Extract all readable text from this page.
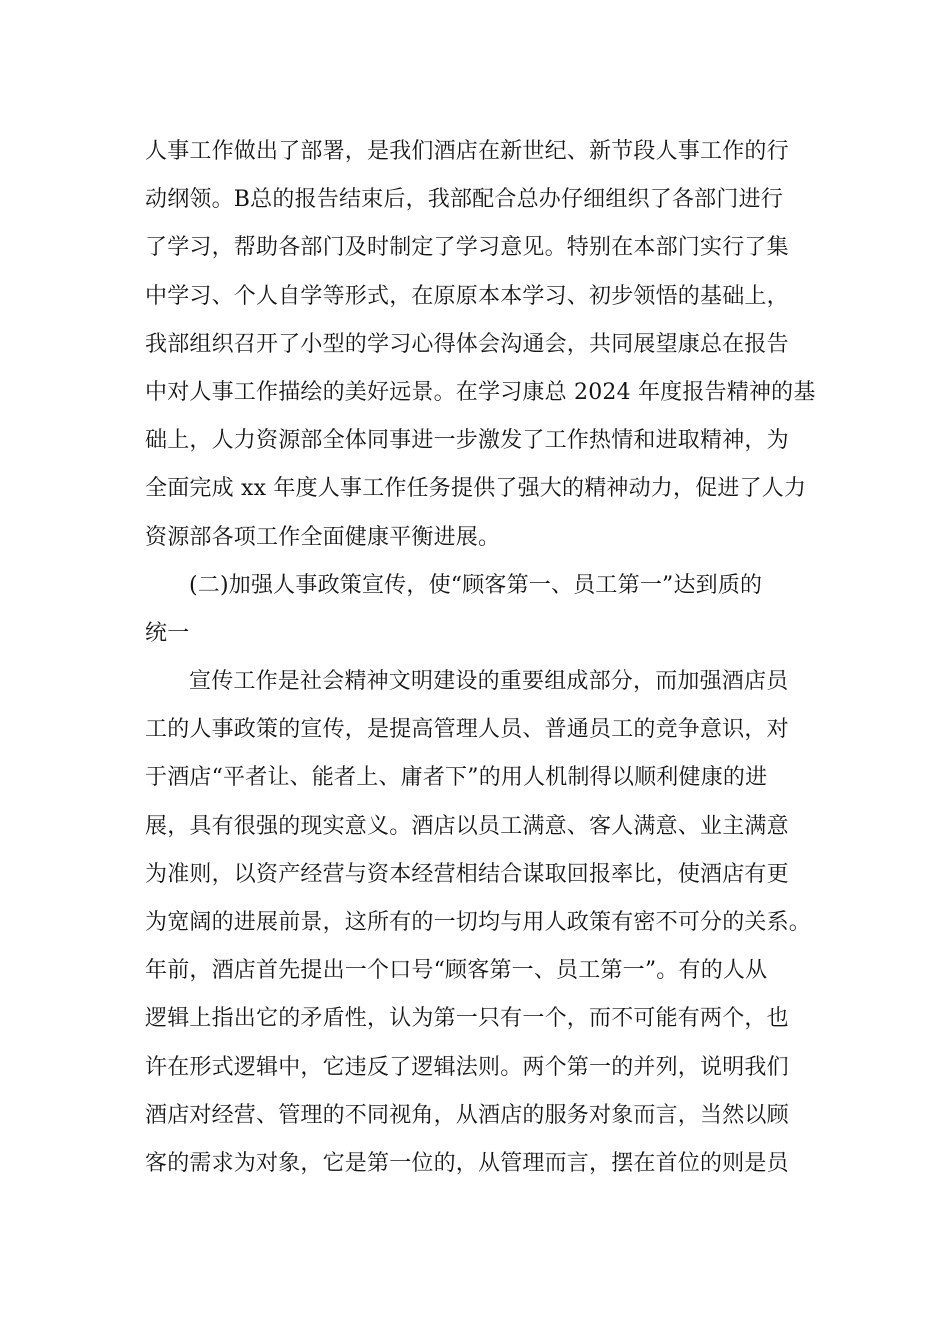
人事工作做出了部署，是我们酒店在新世纪、新节段人事工作的行
动纲领。B总的报告结束后，我部配合总办仔细组织了各部门进行
了学习，帮助各部门及时制定了学习意见。特别在本部门实行了集
中学习、个人自学等形式，在原原本本学习、初步领悟的基础上，
我部组织召开了小型的学习心得体会沟通会，共同展望康总在报告
中对人事工作描绘的美好远景。在学习康总 2024 年度报告精神的基
础上，人力资源部全体同事进一步激发了工作热情和进取精神，为
全面完成 xx 年度人事工作任务提供了强大的精神动力，促进了人力
资源部各项工作全面健康平衡进展。
(二)加强人事政策宣传，使“顾客第一、员工第一”达到质的
统一
宣传工作是社会精神文明建设的重要组成部分，而加强酒店员
工的人事政策的宣传，是提高管理人员、普通员工的竞争意识，对
于酒店“平者让、能者上、庸者下”的用人机制得以顺利健康的进
展，具有很强的现实意义。酒店以员工满意、客人满意、业主满意
为准则，以资产经营与资本经营相结合谋取回报率比，使酒店有更
为宽阔的进展前景，这所有的一切均与用人政策有密不可分的关系。
年前，酒店首先提出一个口号“顾客第一、员工第一”。有的人从
逻辑上指出它的矛盾性，认为第一只有一个，而不可能有两个，也
许在形式逻辑中，它违反了逻辑法则。两个第一的并列，说明我们
酒店对经营、管理的不同视角，从酒店的服务对象而言，当然以顾
客的需求为对象，它是第一位的，从管理而言，摆在首位的则是员
